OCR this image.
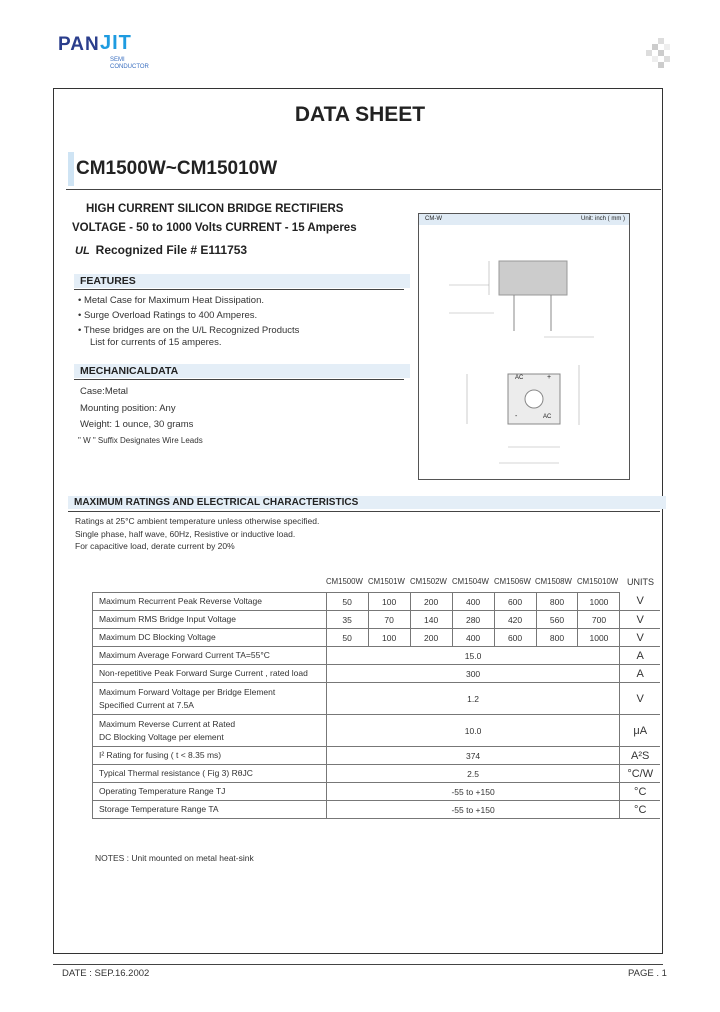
PAN JIT
SEMI
CONDUCTOR
DATA SHEET
CM1500W~CM15010W
HIGH CURRENT SILICON BRIDGE RECTIFIERS
VOLTAGE - 50 to 1000 Volts CURRENT - 15 Amperes
UL Recognized File # E111753
FEATURES
• Metal Case for Maximum Heat Dissipation.
• Surge Overload Ratings to 400 Amperes.
• These bridges are on the U/L Recognized Products
List for currents of 15 amperes.
MECHANICALDATA
Case:Metal
Mounting position: Any
Weight: 1 ounce, 30 grams
" W " Suffix Designates Wire Leads
CM-W	Unit: inch ( mm )
AC
AC
+
-
MAXIMUM RATINGS AND ELECTRICAL CHARACTERISTICS
Ratings at 25°C ambient temperature unless otherwise specified.
Single phase, half wave, 60Hz, Resistive or inductive load.
For capacitive load, derate current by 20%
CM1500W CM1501W CM1502W CM1504W CM1506W CM1508W CM15010W UNITS
Maximum Recurrent Peak Reverse Voltage	50	100	200	400	600	800	1000	V
Maximum RMS Bridge Input Voltage	35	70	140	280	420	560	700	V
Maximum DC Blocking Voltage	50	100	200	400	600	800	1000	V
Maximum Average Forward Current TA=55°C	15.0							A
Non-repetitive Peak Forward Surge Current , rated load	300							A
Maximum Forward Voltage per Bridge Element
Specified Current at 7.5A	1.2							V
Maximum Reverse Current at Rated
DC Blocking Voltage per element	10.0							μA
I² Rating for fusing ( t < 8.35 ms)	374							A²S
Typical Thermal resistance ( Fig 3) RθJC	2.5							°C/W
Operating Temperature Range TJ	-55 to +150							°C
Storage Temperature Range TA	-55 to +150							°C
NOTES : Unit mounted on metal heat-sink
DATE : SEP.16.2002	PAGE . 1
